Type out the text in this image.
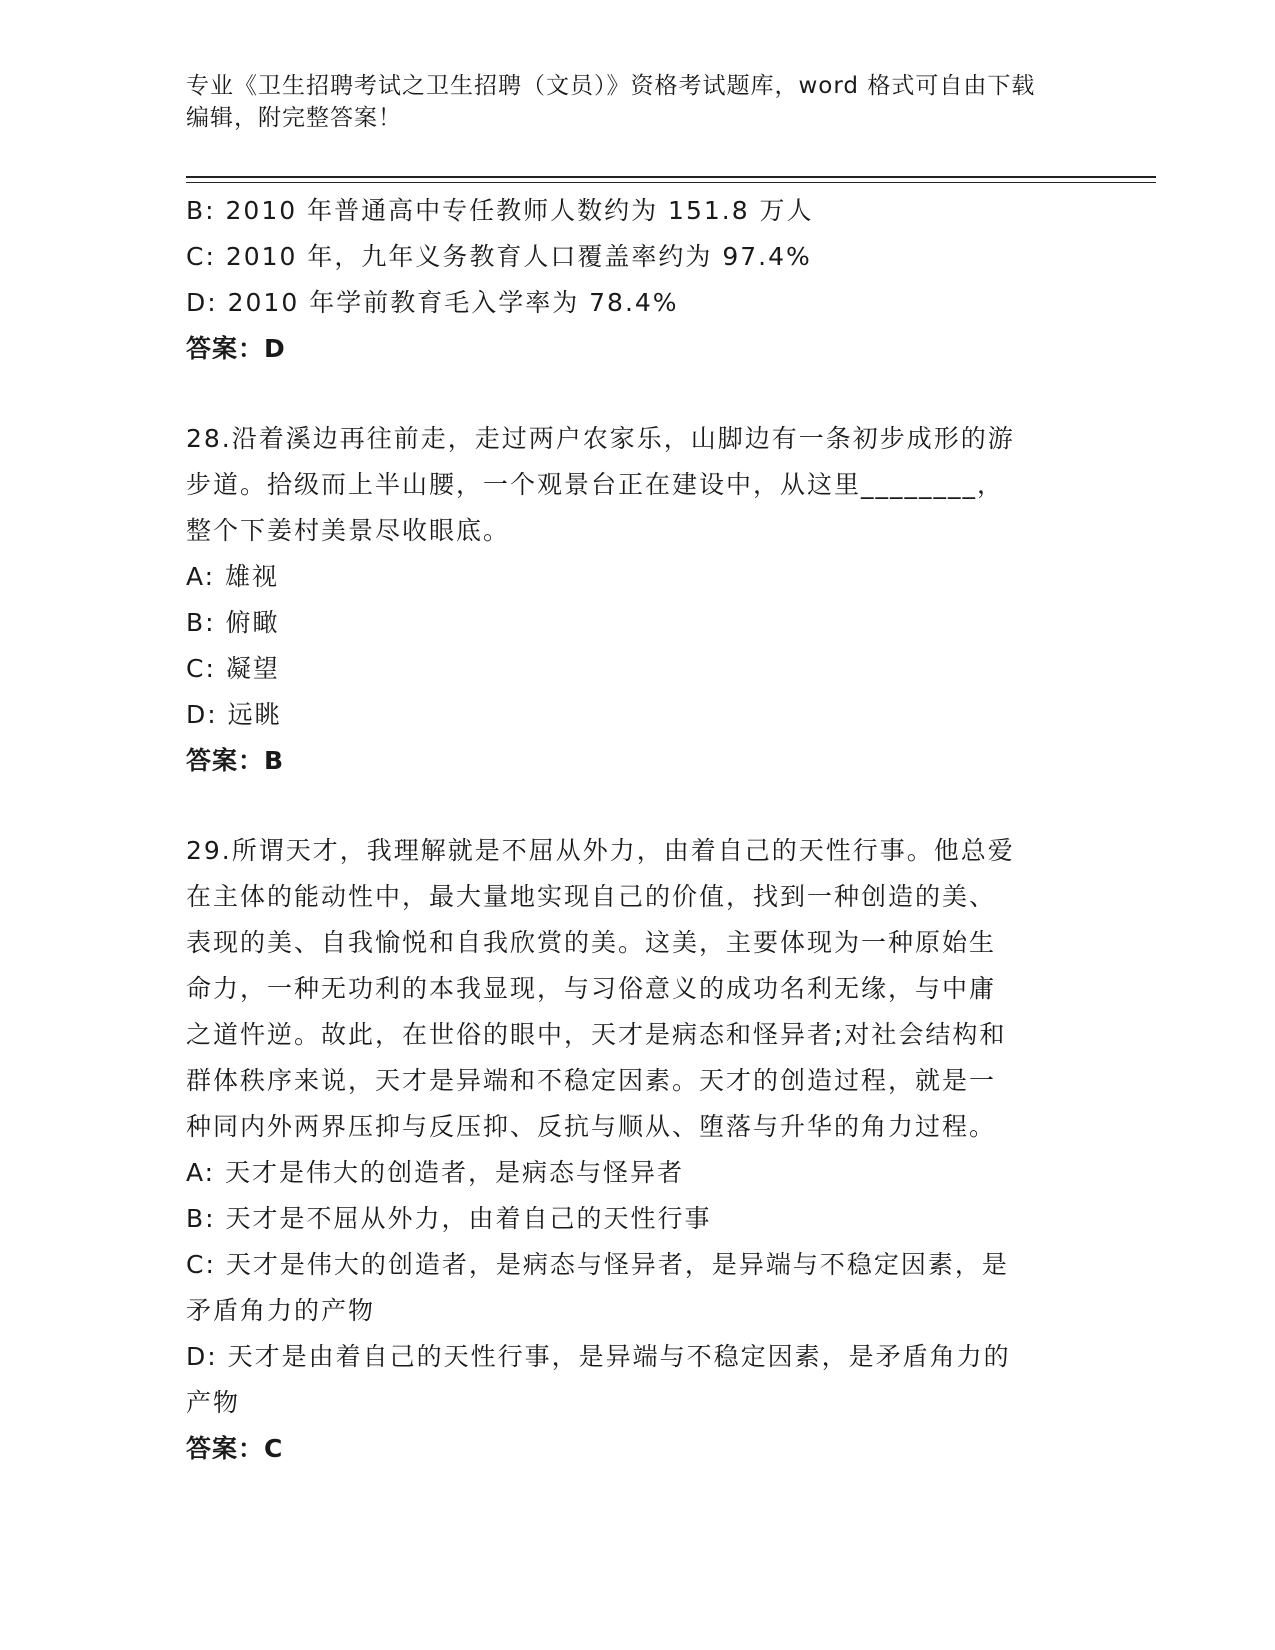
专业《卫生招聘考试之卫生招聘（文员）》资格考试题库，word 格式可自由下载
编辑，附完整答案！
B: 2010 年普通高中专任教师人数约为 151.8 万人
C: 2010 年，九年义务教育人口覆盖率约为 97.4%
D: 2010 年学前教育毛入学率为 78.4%
答案：D
28.沿着溪边再往前走，走过两户农家乐，山脚边有一条初步成形的游
步道。拾级而上半山腰，一个观景台正在建设中，从这里________，
整个下姜村美景尽收眼底。
A: 雄视
B: 俯瞰
C: 凝望
D: 远眺
答案：B
29.所谓天才，我理解就是不屈从外力，由着自己的天性行事。他总爱
在主体的能动性中，最大量地实现自己的价值，找到一种创造的美、
表现的美、自我愉悦和自我欣赏的美。这美，主要体现为一种原始生
命力，一种无功利的本我显现，与习俗意义的成功名利无缘，与中庸
之道忤逆。故此，在世俗的眼中，天才是病态和怪异者;对社会结构和
群体秩序来说，天才是异端和不稳定因素。天才的创造过程，就是一
种同内外两界压抑与反压抑、反抗与顺从、堕落与升华的角力过程。
A: 天才是伟大的创造者，是病态与怪异者
B: 天才是不屈从外力，由着自己的天性行事
C: 天才是伟大的创造者，是病态与怪异者，是异端与不稳定因素，是
矛盾角力的产物
D: 天才是由着自己的天性行事，是异端与不稳定因素，是矛盾角力的
产物
答案：C
